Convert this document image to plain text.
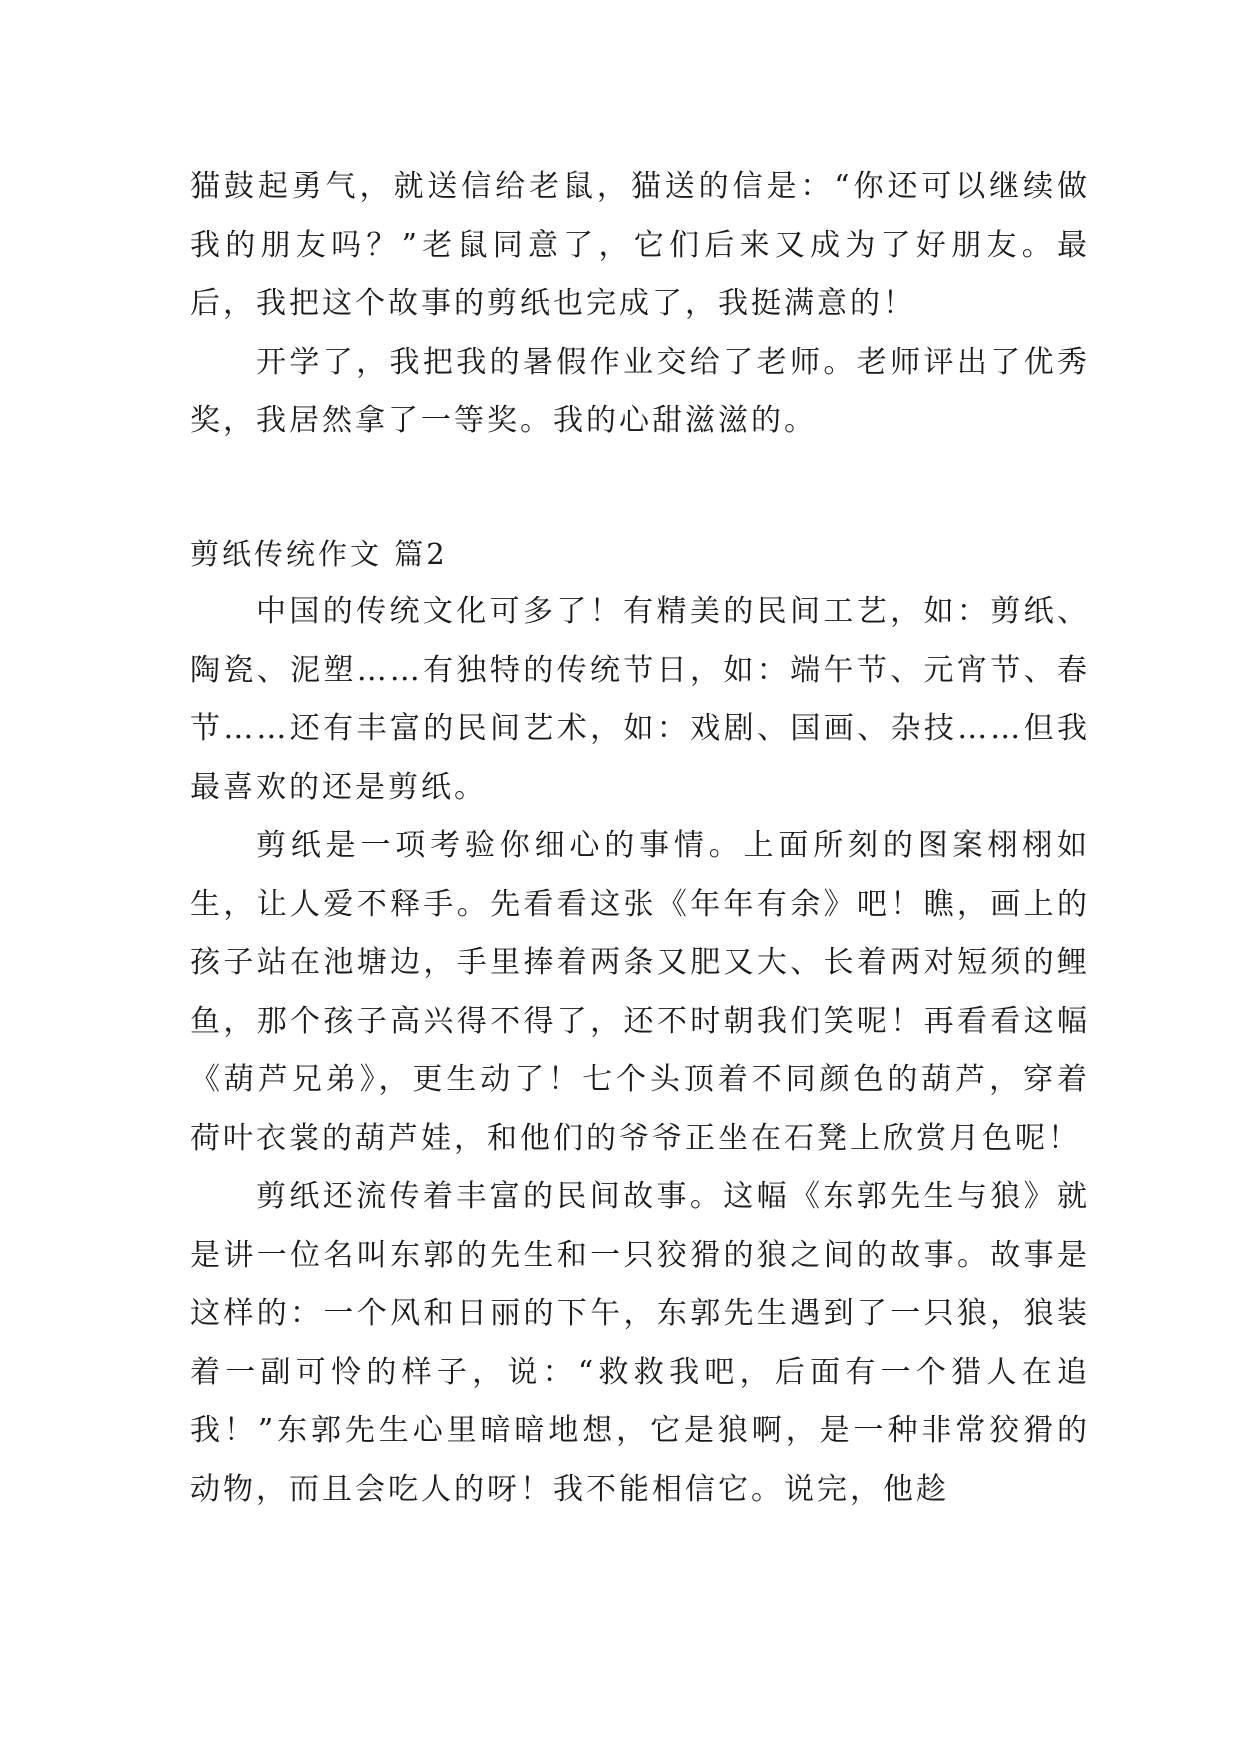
猫鼓起勇气，就送信给老鼠，猫送的信是：“你还可以继续做我的朋友吗？”老鼠同意了，它们后来又成为了好朋友。最后，我把这个故事的剪纸也完成了，我挺满意的！

开学了，我把我的暑假作业交给了老师。老师评出了优秀奖，我居然拿了一等奖。我的心甜滋滋的。

剪纸传统作文 篇2

中国的传统文化可多了！有精美的民间工艺，如：剪纸、陶瓷、泥塑……有独特的传统节日，如：端午节、元宵节、春节……还有丰富的民间艺术，如：戏剧、国画、杂技……但我最喜欢的还是剪纸。

剪纸是一项考验你细心的事情。上面所刻的图案栩栩如生，让人爱不释手。先看看这张《年年有余》吧！瞧，画上的孩子站在池塘边，手里捧着两条又肥又大、长着两对短须的鲤鱼，那个孩子高兴得不得了，还不时朝我们笑呢！再看看这幅《葫芦兄弟》，更生动了！七个头顶着不同颜色的葫芦，穿着荷叶衣裳的葫芦娃，和他们的爷爷正坐在石凳上欣赏月色呢！

剪纸还流传着丰富的民间故事。这幅《东郭先生与狼》就是讲一位名叫东郭的先生和一只狡猾的狼之间的故事。故事是这样的：一个风和日丽的下午，东郭先生遇到了一只狼，狼装着一副可怜的样子，说：“救救我吧，后面有一个猎人在追我！”东郭先生心里暗暗地想，它是狼啊，是一种非常狡猾的动物，而且会吃人的呀！我不能相信它。说完，他趁
